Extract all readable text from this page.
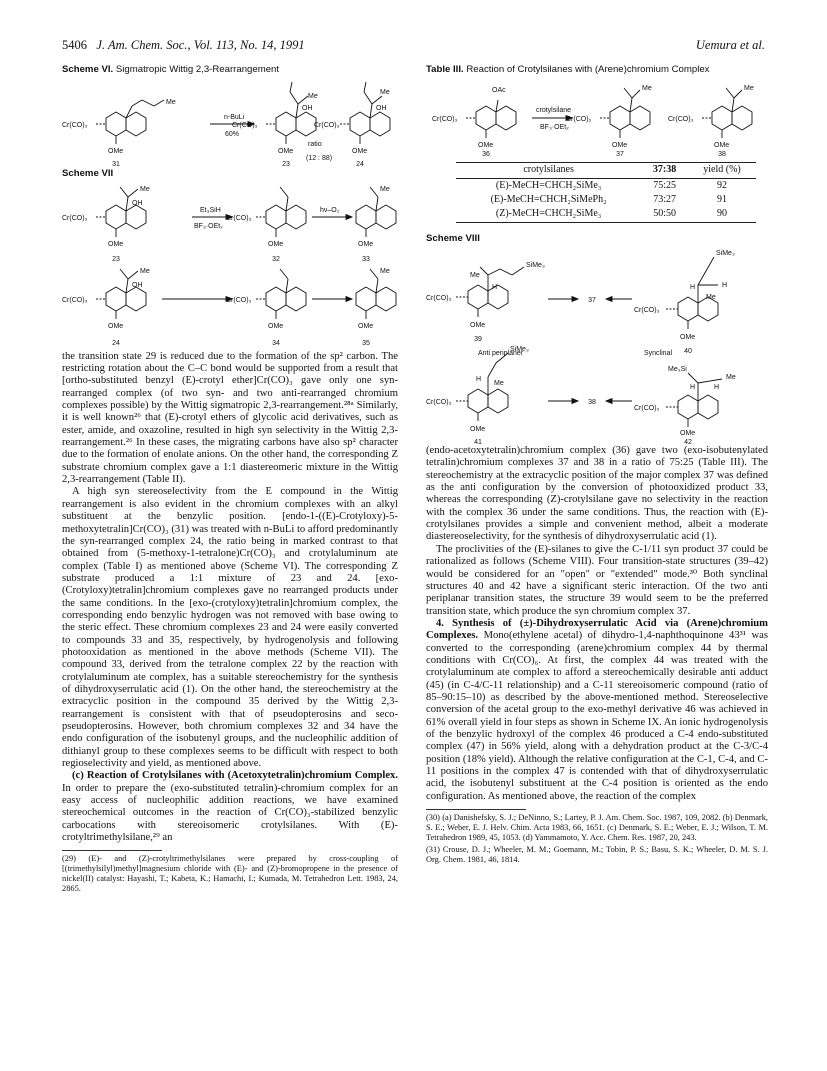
5406 J. Am. Chem. Soc., Vol. 113, No. 14, 1991	Uemura et al.

Scheme VI. Sigmatropic Wittig 2,3-Rearrangement

Cr(CO)₃
Me
OMe
31
n-BuLi
60%
Cr(CO)₃
OH
Me
OMe
23
ratio
(12 : 88)
Cr(CO)₃
OH
Me
OMe
24

Scheme VII

Cr(CO)₃
Me
OH
OMe
23
Et₃SiH
BF₃·OEt₂
Cr(CO)₃
OMe
32
hν–O₂
Me
OMe
33
Cr(CO)₃
Me
OH
OMe
24
Cr(CO)₃
OMe
34
Me
OMe
35

the transition state 29 is reduced due to the formation of the sp² carbon. The restricting rotation about the C–C bond would be supported from a result that [ortho-substituted benzyl (E)-crotyl ether]Cr(CO)₃ gave only one syn-rearranged complex (of two syn- and two anti-rearranged chromium complexes possible) by the Wittig sigmatropic 2,3-rearrangement.²⁸ᵃ Similarly, it is well known²⁶ that (E)-crotyl ethers of glycolic acid derivatives, such as ester, amide, and oxazoline, resulted in high syn selectivity in the Wittig 2,3-rearrangement.²⁶ In these cases, the migrating carbons have also sp² character due to the formation of enolate anions. On the other hand, the corresponding Z substrate chromium complex gave a 1:1 diastereomeric mixture in the Wittig 2,3-rearrangement (Table II).

A high syn stereoselectivity from the E compound in the Wittig rearrangement is also evident in the chromium complexes with an alkyl substituent at the benzylic position. [endo-1-((E)-Crotyloxy)-5-methoxytetralin]Cr(CO)₃ (31) was treated with n-BuLi to afford predominantly the syn-rearranged complex 24, the ratio being in marked contrast to that obtained from (5-methoxy-1-tetralone)Cr(CO)₃ and crotylaluminum ate complex (Table I) as mentioned above (Scheme VI). The corresponding Z substrate produced a 1:1 mixture of 23 and 24. [exo-(Crotyloxy)tetralin]chromium complexes gave no rearranged products under the same conditions. In the [exo-(crotyloxy)tetralin]chromium complex, the corresponding endo benzylic hydrogen was not removed with base owing to the steric effect. These chromium complexes 23 and 24 were easily converted to compounds 33 and 35, respectively, by hydrogenolysis and following photooxidation as mentioned in the above methods (Scheme VII). The compound 33, derived from the tetralone complex 22 by the reaction with crotylaluminum ate complex, has a suitable stereochemistry for the synthesis of dihydroxyserrulatic acid (1). On the other hand, the stereochemistry at the extracyclic position in the compound 35 derived by the Wittig 2,3-rearrangement is consistent with that of pseudopterosins and seco-pseudopterosins. However, both chromium complexes 32 and 34 have the endo configuration of the isobutenyl groups, and the nucleophilic addition of dithianyl group to these complexes seems to be difficult with respect to both regioselectivity and yield, as mentioned above.

(c) Reaction of Crotylsilanes with (Acetoxytetralin)chromium Complex. In order to prepare the (exo-substituted tetralin)-chromium complex for an easy access of nucleophilic addition reactions, we have examined stereochemical outcomes in the reaction of Cr(CO)₃-stabilized benzylic carbocations with stereoisomeric crotylsilanes. With (E)-crotyltrimethylsilane,²⁹ an

(29) (E)- and (Z)-crotyltrimethylsilanes were prepared by cross-coupling of [(trimethylsilyl)methyl]magnesium chloride with (E)- and (Z)-bromopropene in the presence of nickel(II) catalyst: Hayashi, T.; Kabeta, K.; Hamachi, I.; Kumada, M. Tetrahedron Lett. 1983, 24, 2865.

Table III. Reaction of Crotylsilanes with (Arene)chromium Complex

OAc
Cr(CO)₃
OMe
36
crotylsilane
BF₃·OEt₂
Cr(CO)₃
Me
OMe
37
Cr(CO)₃
Me
OMe
38
crotylsilanes	37:38	yield (%)
(E)-MeCH=CHCH₂SiMe₃	75:25	92
(E)-MeCH=CHCH₂SiMePh₂	73:27	91
(Z)-MeCH=CHCH₂SiMe₃	50:50	90

Scheme VIII

Me
SiMe₃
H
Cr(CO)₃
OMe
39
37
SiMe₃
H	H
Me
Cr(CO)₃
OMe
40
Anti periplaner	Synclinal
SiMe₃
H
Me
Cr(CO)₃
OMe
41
38
Me₃Si
H	H
Me
Cr(CO)₃
OMe
42

(endo-acetoxytetralin)chromium complex (36) gave two (exo-isobutenylated tetralin)chromium complexes 37 and 38 in a ratio of 75:25 (Table III). The stereochemistry at the extracyclic position of the major complex 37 was defined as the anti configuration by the conversion of photooxidized product 33, whereas the corresponding (Z)-crotylsilane gave no selectivity in the reaction with the complex 36 under the same conditions. Thus, the reaction with (E)-crotylsilanes provides a simple and convenient method, albeit a moderate diastereoselectivity, for the synthesis of dihydroxyserrulatic acid (1).

The proclivities of the (E)-silanes to give the C-1/11 syn product 37 could be rationalized as follows (Scheme VIII). Four transition-state structures (39–42) would be considered for an "open" or "extended" mode.³⁰ Both synclinal structures 40 and 42 have a significant steric interaction. Of the two anti periplanar transition states, the structure 39 would seem to be the preferred transition state, which produce the syn chromium complex 37.

4. Synthesis of (±)-Dihydroxyserrulatic Acid via (Arene)chromium Complexes. Mono(ethylene acetal) of dihydro-1,4-naphthoquinone 43³¹ was converted to the corresponding (arene)chromium complex 44 by thermal conditions with Cr(CO)₆. At first, the complex 44 was treated with the crotylaluminum ate complex to afford a stereochemically desirable anti adduct (45) (in C-4/C-11 relationship) and a C-11 stereoisomeric compound (ratio of 85–90:15–10) as described by the above-mentioned method. Stereoselective conversion of the acetal group to the exo-methyl derivative 46 was achieved in 61% overall yield in four steps as shown in Scheme IX. An ionic hydrogenolysis of the benzylic hydroxyl of the complex 46 produced a C-4 endo-substituted complex (47) in 56% yield, along with a dehydration product at the C-3/C-4 position (18% yield). Although the relative configuration at the C-1, C-4, and C-11 positions in the complex 47 is contended with that of dihydroxyserrulatic acid, the isobutenyl substituent at the C-4 position is oriented as the endo configuration. As mentioned above, the reaction of the complex

(30) (a) Danishefsky, S. J.; DeNinno, S.; Lartey, P. J. Am. Chem. Soc. 1987, 109, 2082. (b) Denmark, S. E.; Weber, E. J. Helv. Chim. Acta 1983, 66, 1651. (c) Denmark, S. E.; Weber, E. J.; Wilson, T. M. Tetrahedron 1989, 45, 1053. (d) Yammamoto, Y. Acc. Chem. Res. 1987, 20, 243.

(31) Crouse, D. J.; Wheeler, M. M.; Goemann, M.; Tobin, P. S.; Basu, S. K.; Wheeler, D. M. S. J. Org. Chem. 1981, 46, 1814.
